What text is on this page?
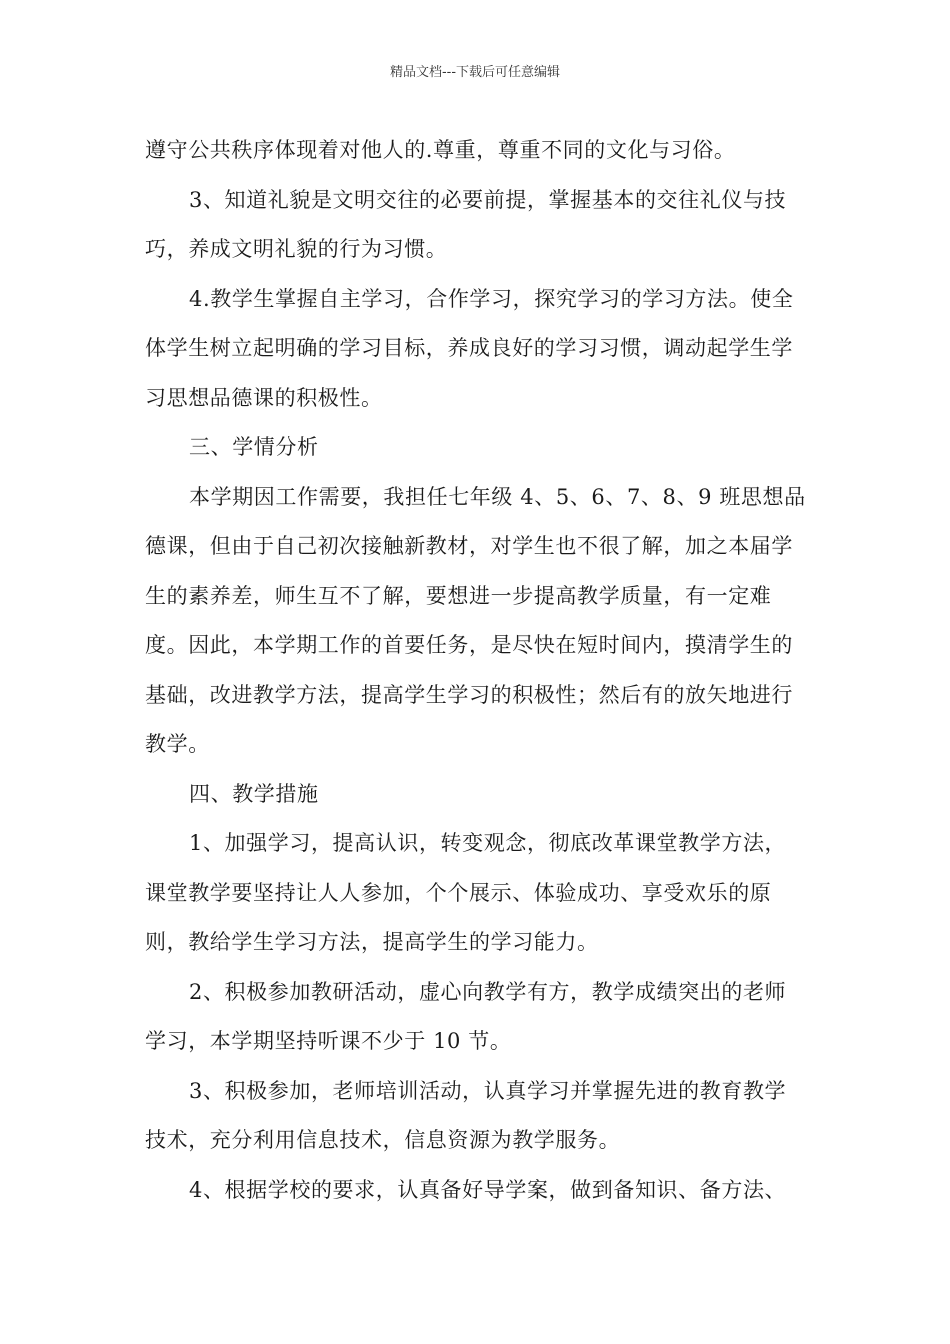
精品文档---下载后可任意编辑

遵守公共秩序体现着对他人的.尊重，尊重不同的文化与习俗。

3、知道礼貌是文明交往的必要前提，掌握基本的交往礼仪与技巧，养成文明礼貌的行为习惯。

4.教学生掌握自主学习，合作学习，探究学习的学习方法。使全体学生树立起明确的学习目标，养成良好的学习习惯，调动起学生学习思想品德课的积极性。

三、学情分析

本学期因工作需要，我担任七年级 4、5、6、7、8、9 班思想品德课，但由于自己初次接触新教材，对学生也不很了解，加之本届学生的素养差，师生互不了解，要想进一步提高教学质量，有一定难度。因此，本学期工作的首要任务，是尽快在短时间内，摸清学生的基础，改进教学方法，提高学生学习的积极性；然后有的放矢地进行教学。

四、教学措施

1、加强学习，提高认识，转变观念，彻底改革课堂教学方法，课堂教学要坚持让人人参加，个个展示、体验成功、享受欢乐的原则，教给学生学习方法，提高学生的学习能力。

2、积极参加教研活动，虚心向教学有方，教学成绩突出的老师学习，本学期坚持听课不少于 10 节。

3、积极参加，老师培训活动，认真学习并掌握先进的教育教学技术，充分利用信息技术，信息资源为教学服务。

4、根据学校的要求，认真备好导学案，做到备知识、备方法、
